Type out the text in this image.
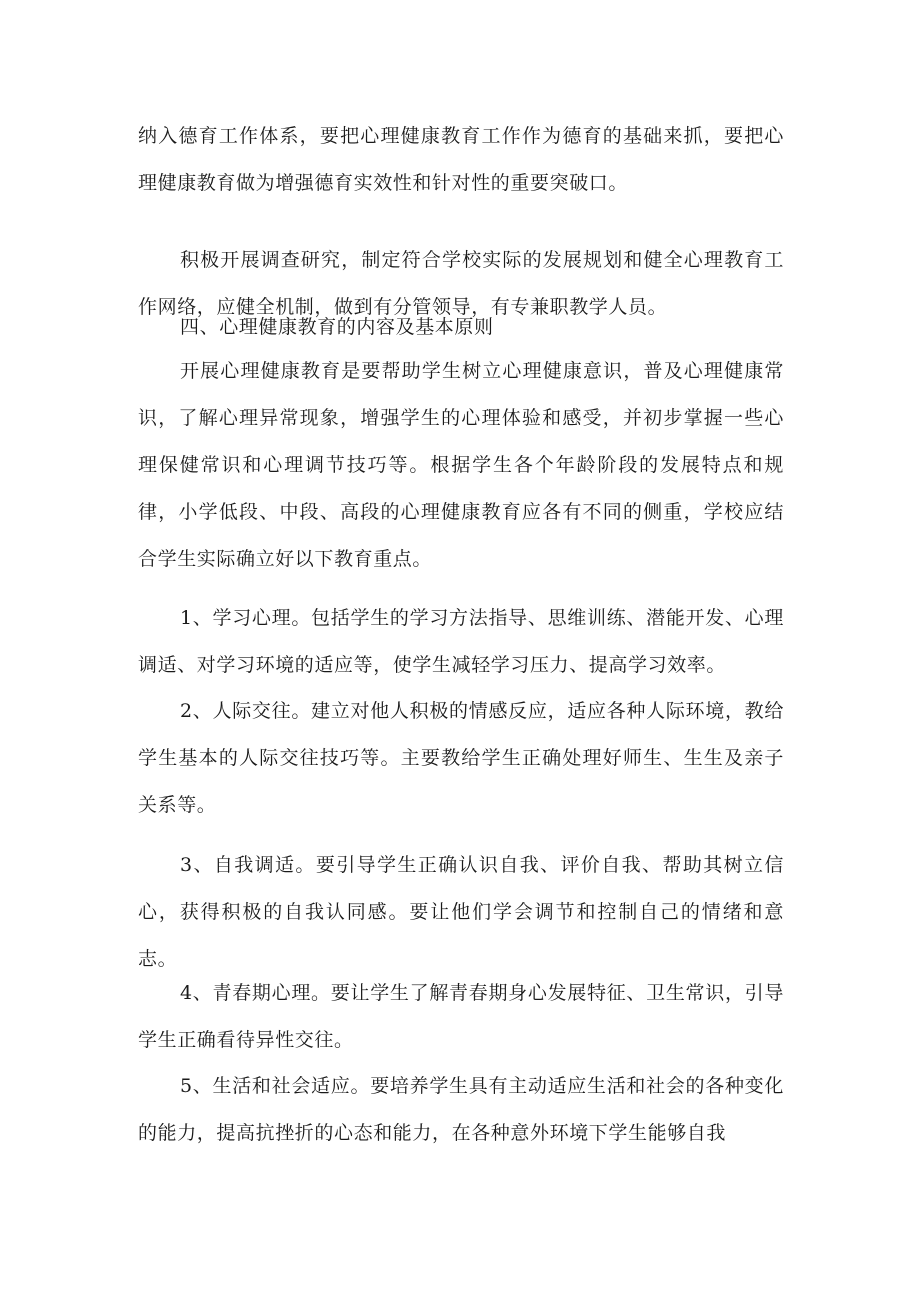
纳入德育工作体系，要把心理健康教育工作作为德育的基础来抓，要把心理健康教育做为增强德育实效性和针对性的重要突破口。

积极开展调查研究，制定符合学校实际的发展规划和健全心理教育工作网络，应健全机制，做到有分管领导，有专兼职教学人员。

四、心理健康教育的内容及基本原则

开展心理健康教育是要帮助学生树立心理健康意识，普及心理健康常识，了解心理异常现象，增强学生的心理体验和感受，并初步掌握一些心理保健常识和心理调节技巧等。根据学生各个年龄阶段的发展特点和规律，小学低段、中段、高段的心理健康教育应各有不同的侧重，学校应结合学生实际确立好以下教育重点。

1、学习心理。包括学生的学习方法指导、思维训练、潜能开发、心理调适、对学习环境的适应等，使学生减轻学习压力、提高学习效率。

2、人际交往。建立对他人积极的情感反应，适应各种人际环境，教给学生基本的人际交往技巧等。主要教给学生正确处理好师生、生生及亲子关系等。

3、自我调适。要引导学生正确认识自我、评价自我、帮助其树立信心，获得积极的自我认同感。要让他们学会调节和控制自己的情绪和意志。

4、青春期心理。要让学生了解青春期身心发展特征、卫生常识，引导学生正确看待异性交往。

5、生活和社会适应。要培养学生具有主动适应生活和社会的各种变化的能力，提高抗挫折的心态和能力，在各种意外环境下学生能够自我
